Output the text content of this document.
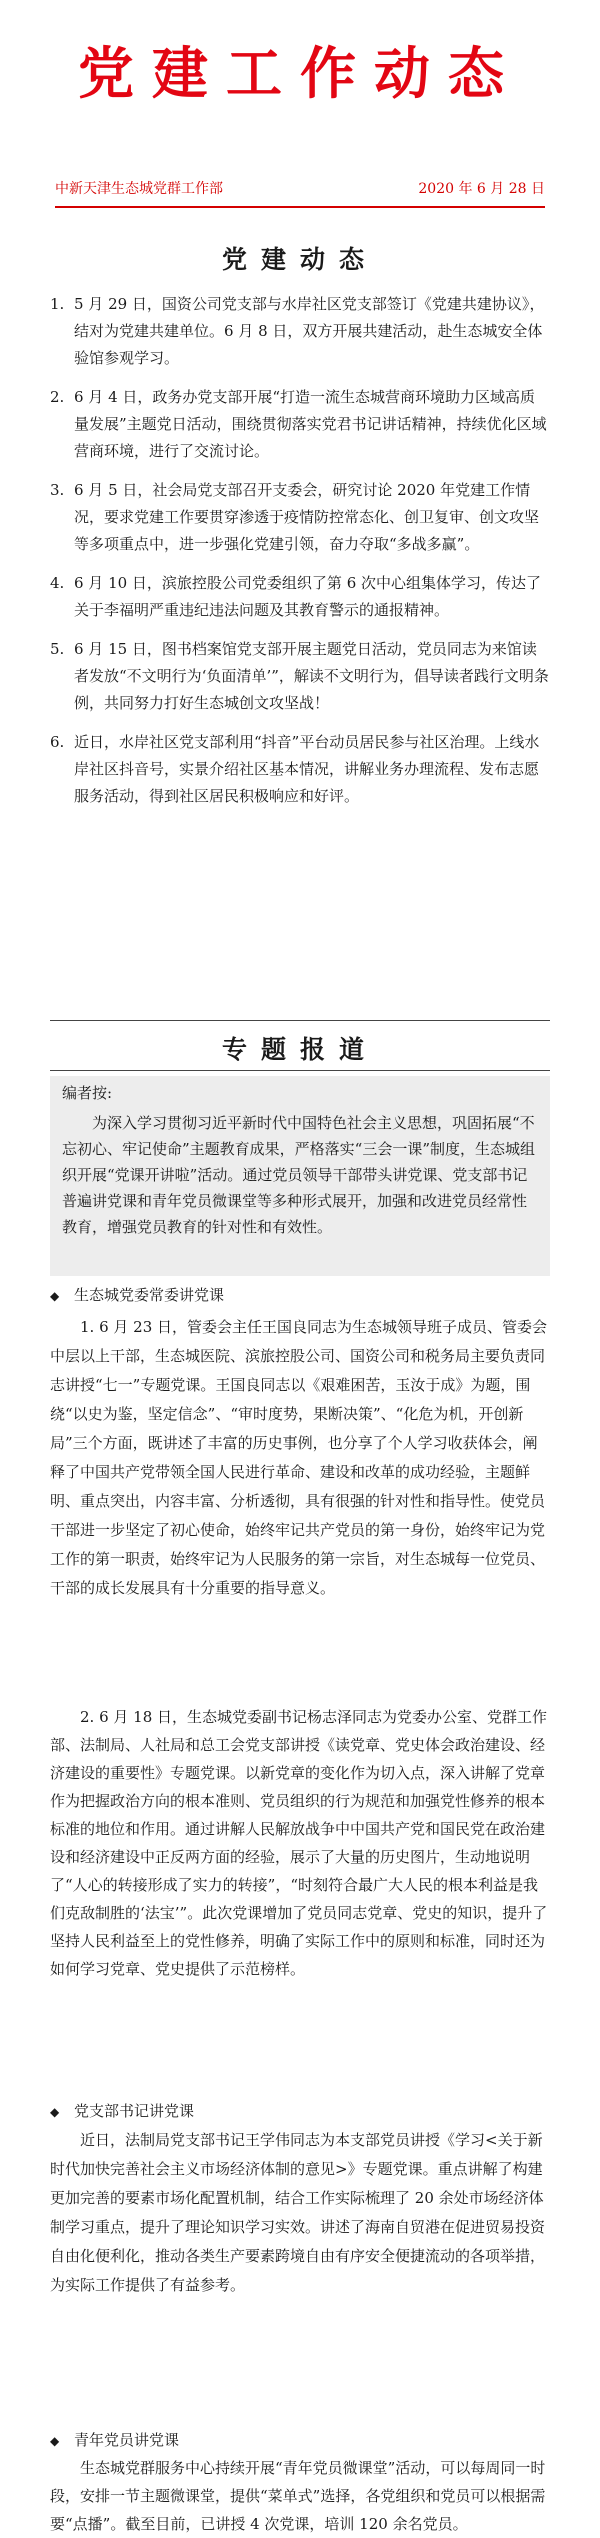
党建工作动态
中新天津生态城党群工作部	2020 年 6 月 28 日
党建动态
1. 5 月 29 日，国资公司党支部与水岸社区党支部签订《党建共建协议》，结对为党建共建单位。6 月 8 日，双方开展共建活动，赴生态城安全体验馆参观学习。
2. 6 月 4 日，政务办党支部开展“打造一流生态城营商环境助力区域高质量发展”主题党日活动，围绕贯彻落实党君书记讲话精神，持续优化区域营商环境，进行了交流讨论。
3. 6 月 5 日，社会局党支部召开支委会，研究讨论 2020 年党建工作情况，要求党建工作要贯穿渗透于疫情防控常态化、创卫复审、创文攻坚等多项重点中，进一步强化党建引领，奋力夺取“多战多赢”。
4. 6 月 10 日，滨旅控股公司党委组织了第 6 次中心组集体学习，传达了关于李福明严重违纪违法问题及其教育警示的通报精神。
5. 6 月 15 日，图书档案馆党支部开展主题党日活动，党员同志为来馆读者发放“不文明行为‘负面清单’”，解读不文明行为，倡导读者践行文明条例，共同努力打好生态城创文攻坚战！
6. 近日，水岸社区党支部利用“抖音”平台动员居民参与社区治理。上线水岸社区抖音号，实景介绍社区基本情况，讲解业务办理流程、发布志愿服务活动，得到社区居民积极响应和好评。
专题报道
编者按:
为深入学习贯彻习近平新时代中国特色社会主义思想，巩固拓展“不忘初心、牢记使命”主题教育成果，严格落实“三会一课”制度，生态城组织开展“党课开讲啦”活动。通过党员领导干部带头讲党课、党支部书记普遍讲党课和青年党员微课堂等多种形式展开，加强和改进党员经常性教育，增强党员教育的针对性和有效性。
◆ 生态城党委常委讲党课

1. 6 月 23 日，管委会主任王国良同志为生态城领导班子成员、管委会中层以上干部，生态城医院、滨旅控股公司、国资公司和税务局主要负责同志讲授“七一”专题党课。王国良同志以《艰难困苦，玉汝于成》为题，围绕“以史为鉴，坚定信念”、“审时度势，果断决策”、“化危为机，开创新局”三个方面，既讲述了丰富的历史事例，也分享了个人学习收获体会，阐释了中国共产党带领全国人民进行革命、建设和改革的成功经验，主题鲜明、重点突出，内容丰富、分析透彻，具有很强的针对性和指导性。使党员干部进一步坚定了初心使命，始终牢记共产党员的第一身份，始终牢记为党工作的第一职责，始终牢记为人民服务的第一宗旨，对生态城每一位党员、干部的成长发展具有十分重要的指导意义。

2. 6 月 18 日，生态城党委副书记杨志泽同志为党委办公室、党群工作部、法制局、人社局和总工会党支部讲授《读党章、党史体会政治建设、经济建设的重要性》专题党课。以新党章的变化作为切入点，深入讲解了党章作为把握政治方向的根本准则、党员组织的行为规范和加强党性修养的根本标准的地位和作用。通过讲解人民解放战争中中国共产党和国民党在政治建设和经济建设中正反两方面的经验，展示了大量的历史图片，生动地说明了“人心的转接形成了实力的转接”，“时刻符合最广大人民的根本利益是我们克敌制胜的‘法宝’”。此次党课增加了党员同志党章、党史的知识，提升了坚持人民利益至上的党性修养，明确了实际工作中的原则和标准，同时还为如何学习党章、党史提供了示范榜样。

◆ 党支部书记讲党课

近日，法制局党支部书记王学伟同志为本支部党员讲授《学习<关于新时代加快完善社会主义市场经济体制的意见>》专题党课。重点讲解了构建更加完善的要素市场化配置机制，结合工作实际梳理了 20 余处市场经济体制学习重点，提升了理论知识学习实效。讲述了海南自贸港在促进贸易投资自由化便利化，推动各类生产要素跨境自由有序安全便捷流动的各项举措，为实际工作提供了有益参考。

◆ 青年党员讲党课

生态城党群服务中心持续开展“青年党员微课堂”活动，可以每周同一时段，安排一节主题微课堂，提供“菜单式”选择，各党组织和党员可以根据需要“点播”。截至目前，已讲授 4 次党课，培训 120 余名党员。
